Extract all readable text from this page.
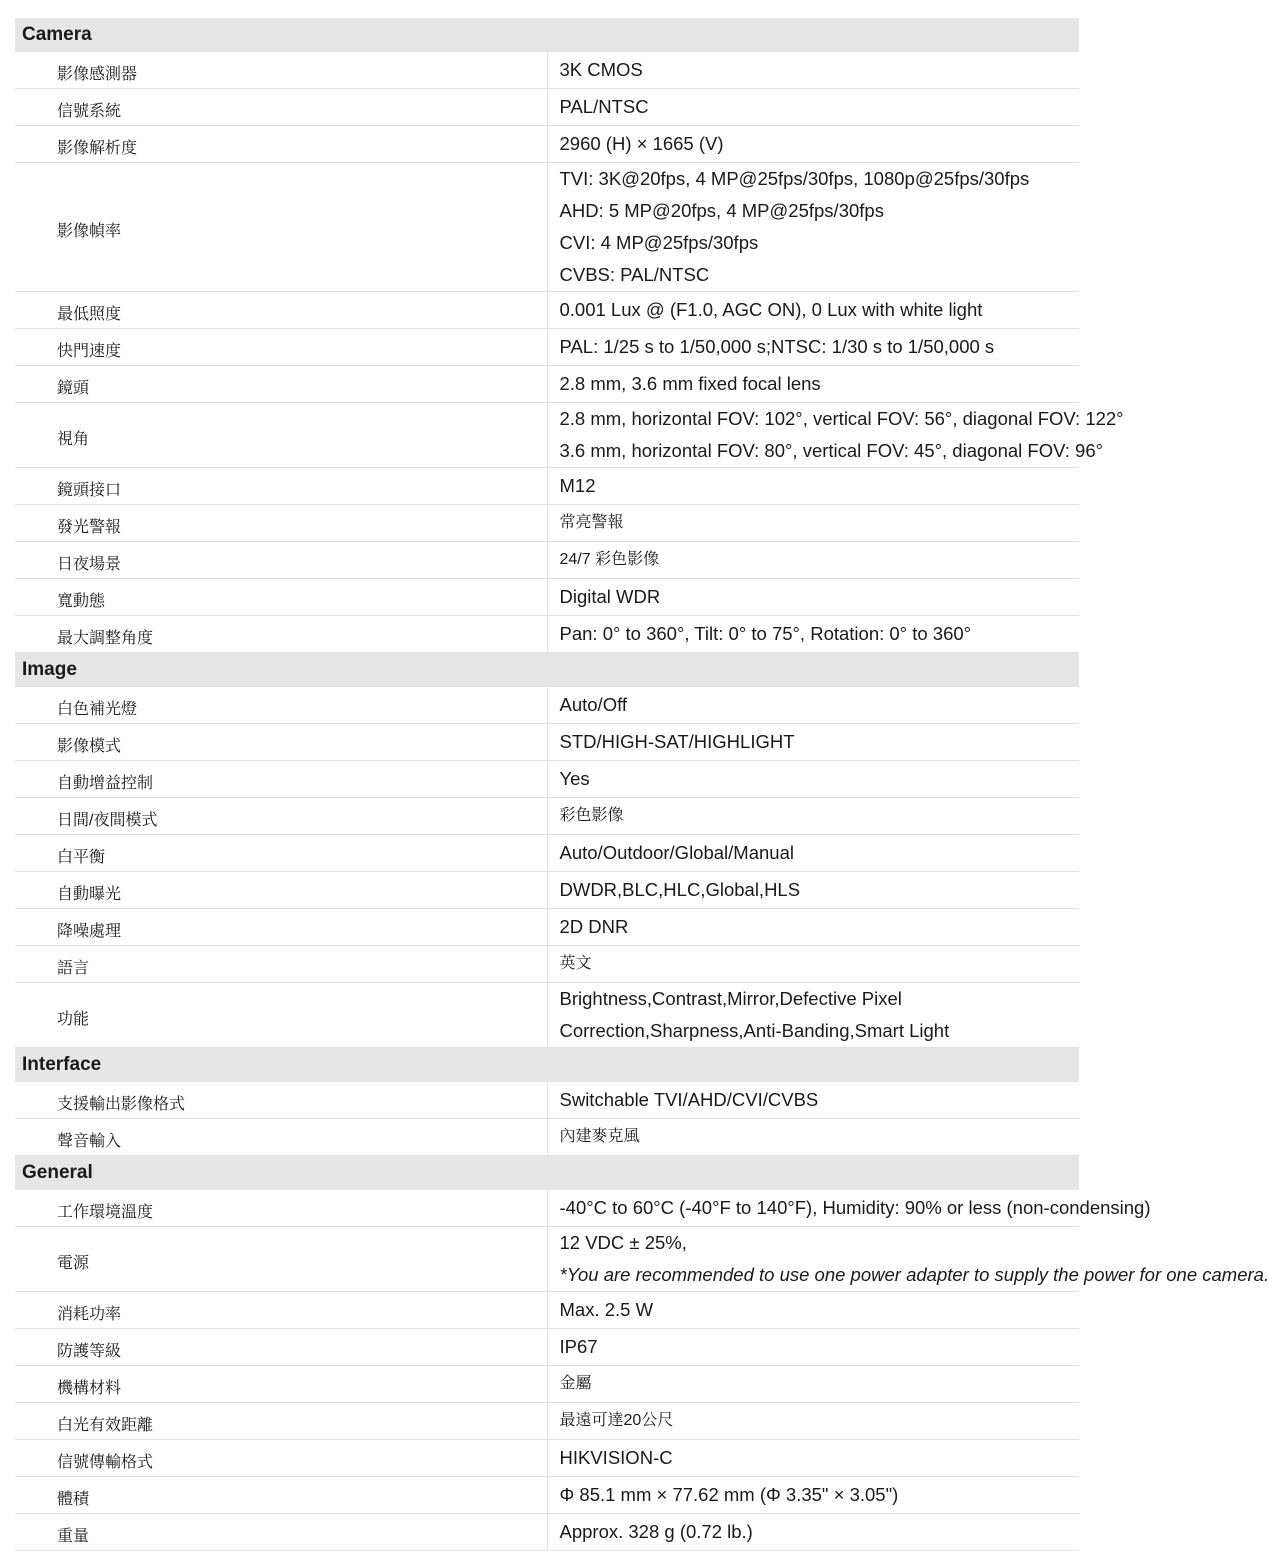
Camera	
影像感測器	3K CMOS

信號系統	PAL/NTSC

影像解析度	2960 (H) × 1665 (V)

影像幀率	TVI: 3K@20fps, 4 MP@25fps/30fps, 1080p@25fps/30fps
AHD: 5 MP@20fps, 4 MP@25fps/30fps
CVI: 4 MP@25fps/30fps
CVBS: PAL/NTSC

最低照度	0.001 Lux @ (F1.0, AGC ON), 0 Lux with white light

快門速度	PAL: 1/25 s to 1/50,000 s;NTSC: 1/30 s to 1/50,000 s

鏡頭	2.8 mm, 3.6 mm fixed focal lens

視角	2.8 mm, horizontal FOV: 102°, vertical FOV: 56°, diagonal FOV: 122°
3.6 mm, horizontal FOV: 80°, vertical FOV: 45°, diagonal FOV: 96°

鏡頭接口	M12

發光警報	常亮警報

日夜場景	24/7 彩色影像

寬動態	Digital WDR

最大調整角度	Pan: 0° to 360°, Tilt: 0° to 75°, Rotation: 0° to 360°

Image	
白色補光燈	Auto/Off

影像模式	STD/HIGH-SAT/HIGHLIGHT

自動增益控制	Yes

日間/夜間模式	彩色影像

白平衡	Auto/Outdoor/Global/Manual

自動曝光	DWDR,BLC,HLC,Global,HLS

降噪處理	2D DNR

語言	英文

功能	Brightness,Contrast,Mirror,Defective Pixel Correction,Sharpness,Anti-Banding,Smart Light

Interface	
支援輸出影像格式	Switchable TVI/AHD/CVI/CVBS

聲音輸入	內建麥克風

General	
工作環境溫度	-40°C to 60°C (-40°F to 140°F), Humidity: 90% or less (non-condensing)

電源	12 VDC ± 25%,
*You are recommended to use one power adapter to supply the power for one camera.

消耗功率	Max. 2.5 W

防護等級	IP67

機構材料	金屬

白光有效距離	最遠可達20公尺

信號傳輸格式	HIKVISION-C

體積	Φ 85.1 mm × 77.62 mm (Φ 3.35" × 3.05")

重量	Approx. 328 g (0.72 lb.)
